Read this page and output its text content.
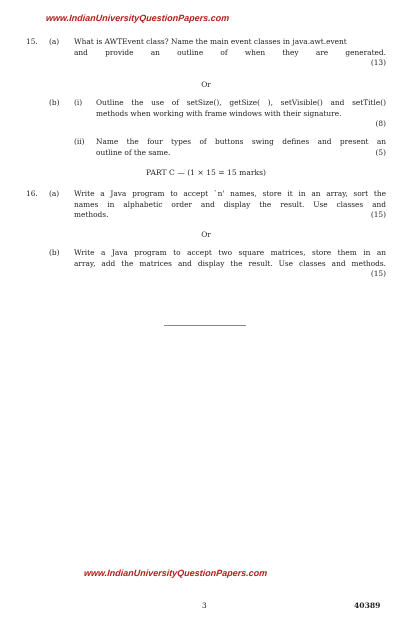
www.IndianUniversityQuestionPapers.com
15. (a) What is AWTEvent class? Name the main event classes in java.awt.event
and provide an outline of when they are generated.
(13)
Or
(b) (i) Outline the use of setSize(), getSize( ), setVisible() and setTitle()
methods when working with frame windows with their signature.
(8)
(ii) Name the four types of buttons swing defines and present an
outline of the same.	(5)
PART C — (1 × 15 = 15 marks)
16. (a) Write a Java program to accept `n' names, store it in an array, sort the
names in alphabetic order and display the result. Use classes and
methods.	(15)
Or
(b) Write a Java program to accept two square matrices, store them in an
array, add the matrices and display the result. Use classes and methods.
(15)
www.IndianUniversityQuestionPapers.com
3	40389
